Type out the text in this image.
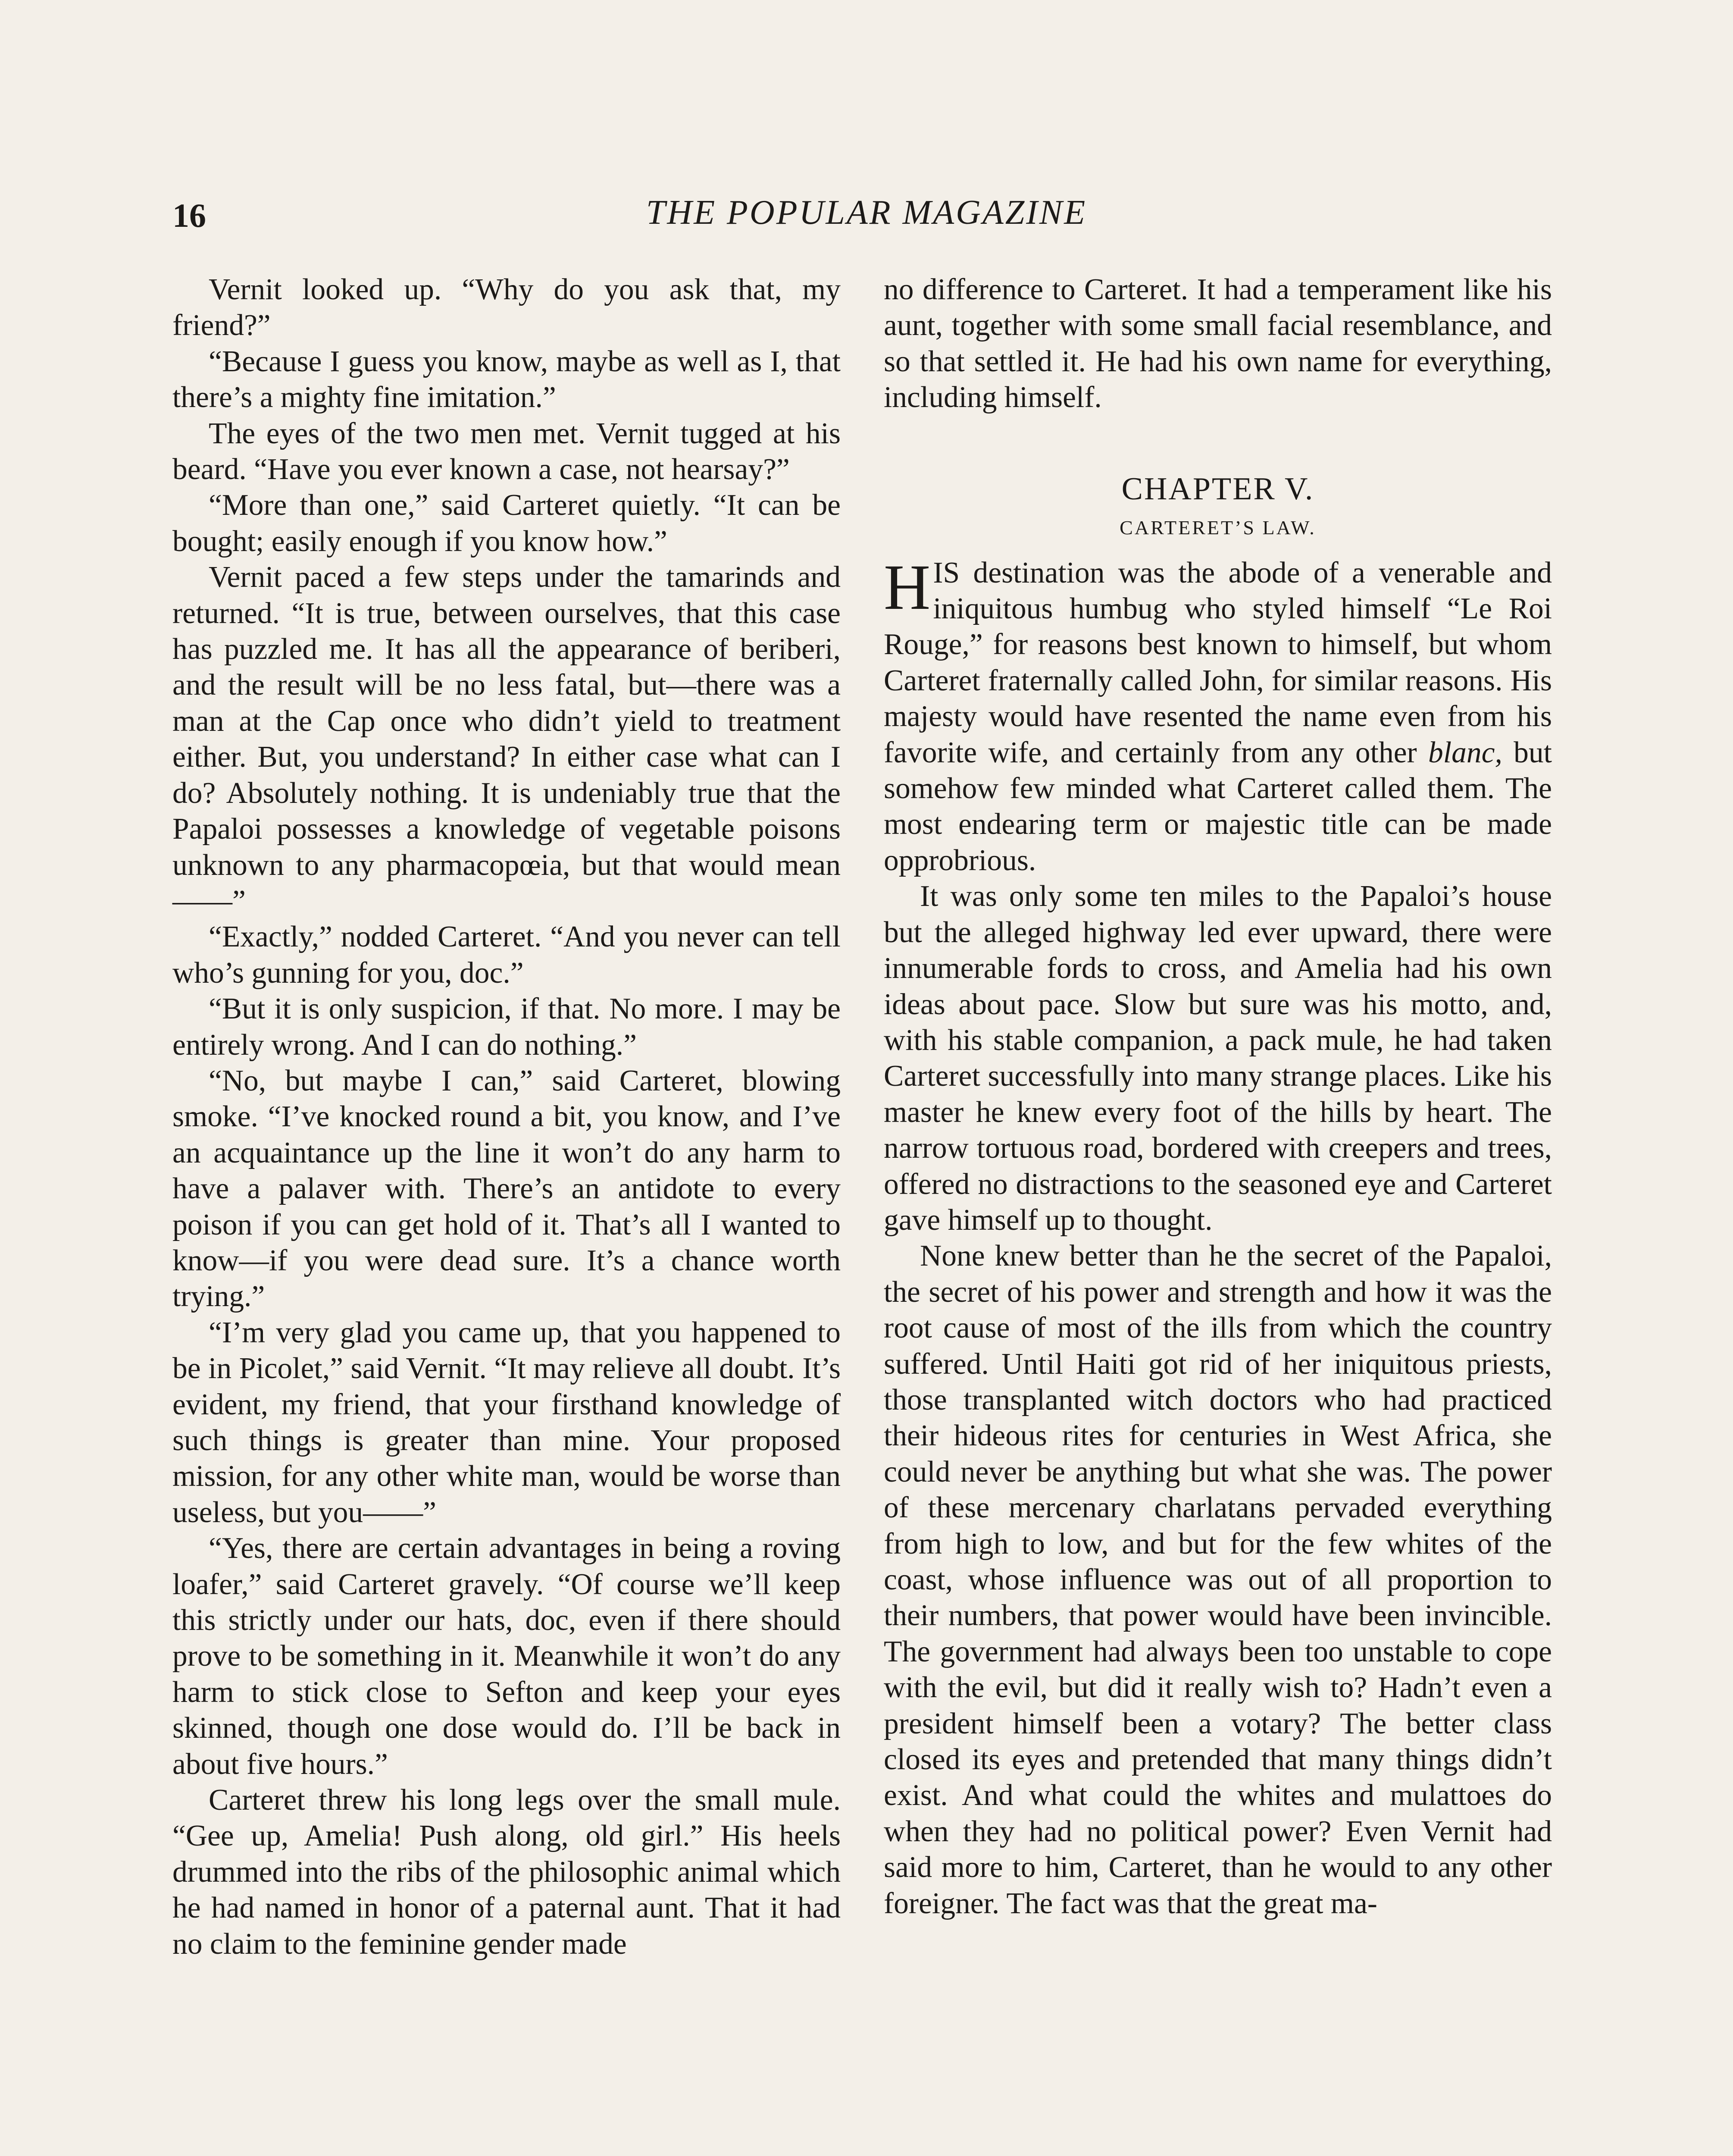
16	THE POPULAR MAGAZINE

Vernit looked up. “Why do you ask that, my friend?”

“Because I guess you know, maybe as well as I, that there’s a mighty fine imitation.”

The eyes of the two men met. Vernit tugged at his beard. “Have you ever known a case, not hearsay?”

“More than one,” said Carteret quietly. “It can be bought; easily enough if you know how.”

Vernit paced a few steps under the tamarinds and returned. “It is true, between ourselves, that this case has puzzled me. It has all the appearance of beriberi, and the result will be no less fatal, but—there was a man at the Cap once who didn’t yield to treatment either. But, you understand? In either case what can I do? Absolutely nothing. It is undeniably true that the Papaloi possesses a knowledge of vegetable poisons unknown to any pharmacopœia, but that would mean——”

“Exactly,” nodded Carteret. “And you never can tell who’s gunning for you, doc.”

“But it is only suspicion, if that. No more. I may be entirely wrong. And I can do nothing.”

“No, but maybe I can,” said Carteret, blowing smoke. “I’ve knocked round a bit, you know, and I’ve an acquaintance up the line it won’t do any harm to have a palaver with. There’s an antidote to every poison if you can get hold of it. That’s all I wanted to know—if you were dead sure. It’s a chance worth trying.”

“I’m very glad you came up, that you happened to be in Picolet,” said Vernit. “It may relieve all doubt. It’s evident, my friend, that your firsthand knowledge of such things is greater than mine. Your proposed mission, for any other white man, would be worse than useless, but you——”

“Yes, there are certain advantages in being a roving loafer,” said Carteret gravely. “Of course we’ll keep this strictly under our hats, doc, even if there should prove to be something in it. Meanwhile it won’t do any harm to stick close to Sefton and keep your eyes skinned, though one dose would do. I’ll be back in about five hours.”

Carteret threw his long legs over the small mule. “Gee up, Amelia! Push along, old girl.” His heels drummed into the ribs of the philosophic animal which he had named in honor of a paternal aunt. That it had no claim to the feminine gender made

no difference to Carteret. It had a temperament like his aunt, together with some small facial resemblance, and so that settled it. He had his own name for everything, including himself.

CHAPTER V.
CARTERET’S LAW.

HIS destination was the abode of a venerable and iniquitous humbug who styled himself “Le Roi Rouge,” for reasons best known to himself, but whom Carteret fraternally called John, for similar reasons. His majesty would have resented the name even from his favorite wife, and certainly from any other blanc, but somehow few minded what Carteret called them. The most endearing term or majestic title can be made opprobrious.

It was only some ten miles to the Papaloi’s house but the alleged highway led ever upward, there were innumerable fords to cross, and Amelia had his own ideas about pace. Slow but sure was his motto, and, with his stable companion, a pack mule, he had taken Carteret successfully into many strange places. Like his master he knew every foot of the hills by heart. The narrow tortuous road, bordered with creepers and trees, offered no distractions to the seasoned eye and Carteret gave himself up to thought.

None knew better than he the secret of the Papaloi, the secret of his power and strength and how it was the root cause of most of the ills from which the country suffered. Until Haiti got rid of her iniquitous priests, those transplanted witch doctors who had practiced their hideous rites for centuries in West Africa, she could never be anything but what she was. The power of these mercenary charlatans pervaded everything from high to low, and but for the few whites of the coast, whose influence was out of all proportion to their numbers, that power would have been invincible. The government had always been too unstable to cope with the evil, but did it really wish to? Hadn’t even a president himself been a votary? The better class closed its eyes and pretended that many things didn’t exist. And what could the whites and mulattoes do when they had no political power? Even Vernit had said more to him, Carteret, than he would to any other foreigner. The fact was that the great ma-
